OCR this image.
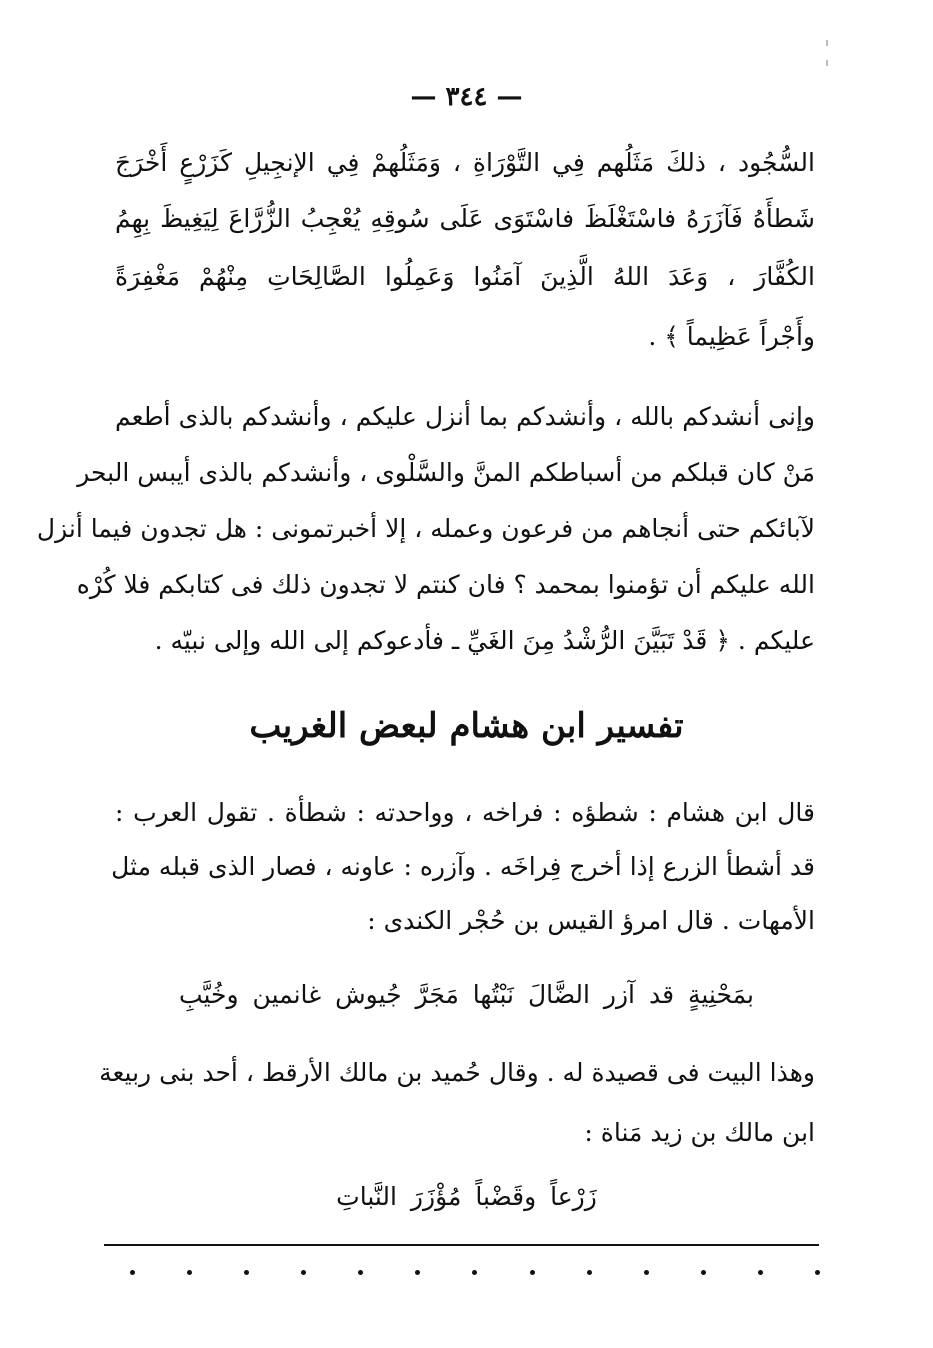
— ٣٤٤ —
السُّجُود ، ذلكَ مَثَلُهم فِي التَّوْرَاةِ ، وَمَثَلُهمْ فِي الإنجِيلِ كَزَرْعٍ أَخْرَجَ
شَطأَهُ فَآزَرَهُ فاسْتَغْلَظَ فاسْتَوَى عَلَى سُوقِهِ يُعْجِبُ الزُّرَّاعَ لِيَغِيظَ بِهِمُ
الكُفَّارَ ، وَعَدَ اللهُ الَّذِينَ آمَنُوا وَعَمِلُوا الصَّالِحَاتِ مِنْهُمْ مَغْفِرَةً
وأَجْراً عَظِيماً ﴾ .
وإنى أنشدكم بالله ، وأنشدكم بما أنزل عليكم ، وأنشدكم بالذى أطعم
مَنْ كان قبلكم من أسباطكم المنَّ والسَّلْوى ، وأنشدكم بالذى أيبس البحر
لآبائكم حتى أنجاهم من فرعون وعمله ، إلا أخبرتمونى : هل تجدون فيما أنزل
الله عليكم أن تؤمنوا بمحمد ؟ فان كنتم لا تجدون ذلك فى كتابكم فلا كُرْه
عليكم . ﴿ قَدْ تَبَيَّنَ الرُّشْدُ مِنَ الغَيِّ ـ فأدعوكم إلى الله وإلى نبيّه .
تفسير ابن هشام لبعض الغريب
قال ابن هشام : شطؤه : فراخه ، وواحدته : شطأة . تقول العرب :
قد أشطأ الزرع إذا أخرج فِراخَه . وآزره : عاونه ، فصار الذى قبله مثل
الأمهات . قال امرؤ القيس بن حُجْر الكندى :
بمَحْنِيةٍ قد آزر الضَّالَ نَبْتُها مَجَرَّ جُيوش غانمين وخُيَّبِ
وهذا البيت فى قصيدة له . وقال حُميد بن مالك الأرقط ، أحد بنى ربيعة
ابن مالك بن زيد مَناة :
زَرْعاً وقَضْباً مُؤْزَرَ النَّباتِ
